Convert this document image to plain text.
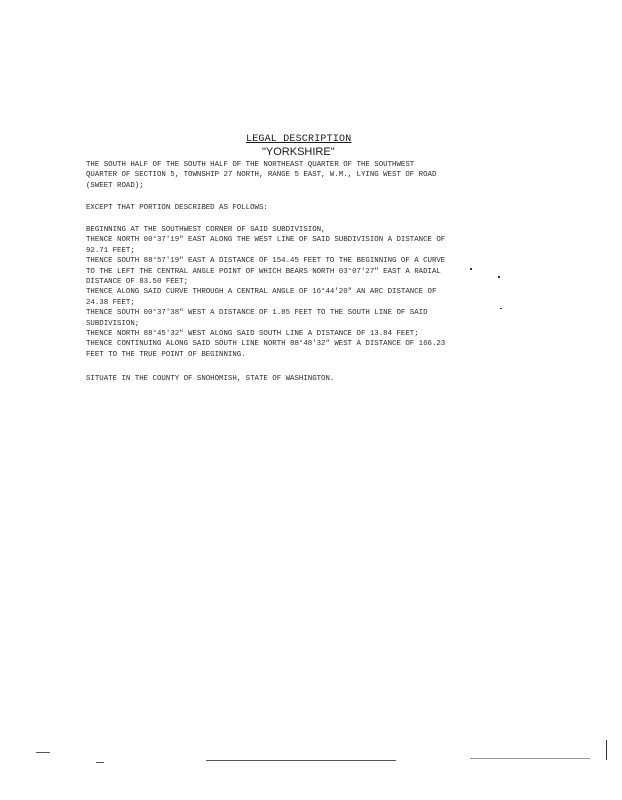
LEGAL DESCRIPTION
"YORKSHIRE"
THE SOUTH HALF OF THE SOUTH HALF OF THE NORTHEAST QUARTER OF THE SOUTHWEST
QUARTER OF SECTION 5, TOWNSHIP 27 NORTH, RANGE 5 EAST, W.M., LYING WEST OF ROAD
(SWEET ROAD);
EXCEPT THAT PORTION DESCRIBED AS FOLLOWS:
BEGINNING AT THE SOUTHWEST CORNER OF SAID SUBDIVISION,
THENCE NORTH 00°37'19" EAST ALONG THE WEST LINE OF SAID SUBDIVISION A DISTANCE OF
92.71 FEET;
THENCE SOUTH 88°57'19" EAST A DISTANCE OF 154.45 FEET TO THE BEGINNING OF A CURVE
TO THE LEFT THE CENTRAL ANGLE POINT OF WHICH BEARS NORTH 03°07'27" EAST A RADIAL
DISTANCE OF 83.50 FEET;
THENCE ALONG SAID CURVE THROUGH A CENTRAL ANGLE OF 16°44'20" AN ARC DISTANCE OF
24.38 FEET;
THENCE SOUTH 00°37'38" WEST A DISTANCE OF 1.85 FEET TO THE SOUTH LINE OF SAID
SUBDIVISION;
THENCE NORTH 88°45'32" WEST ALONG SAID SOUTH LINE A DISTANCE OF 13.84 FEET;
THENCE CONTINUING ALONG SAID SOUTH LINE NORTH 88°48'32" WEST A DISTANCE OF 166.23
FEET TO THE TRUE POINT OF BEGINNING.
SITUATE IN THE COUNTY OF SNOHOMISH, STATE OF WASHINGTON.
